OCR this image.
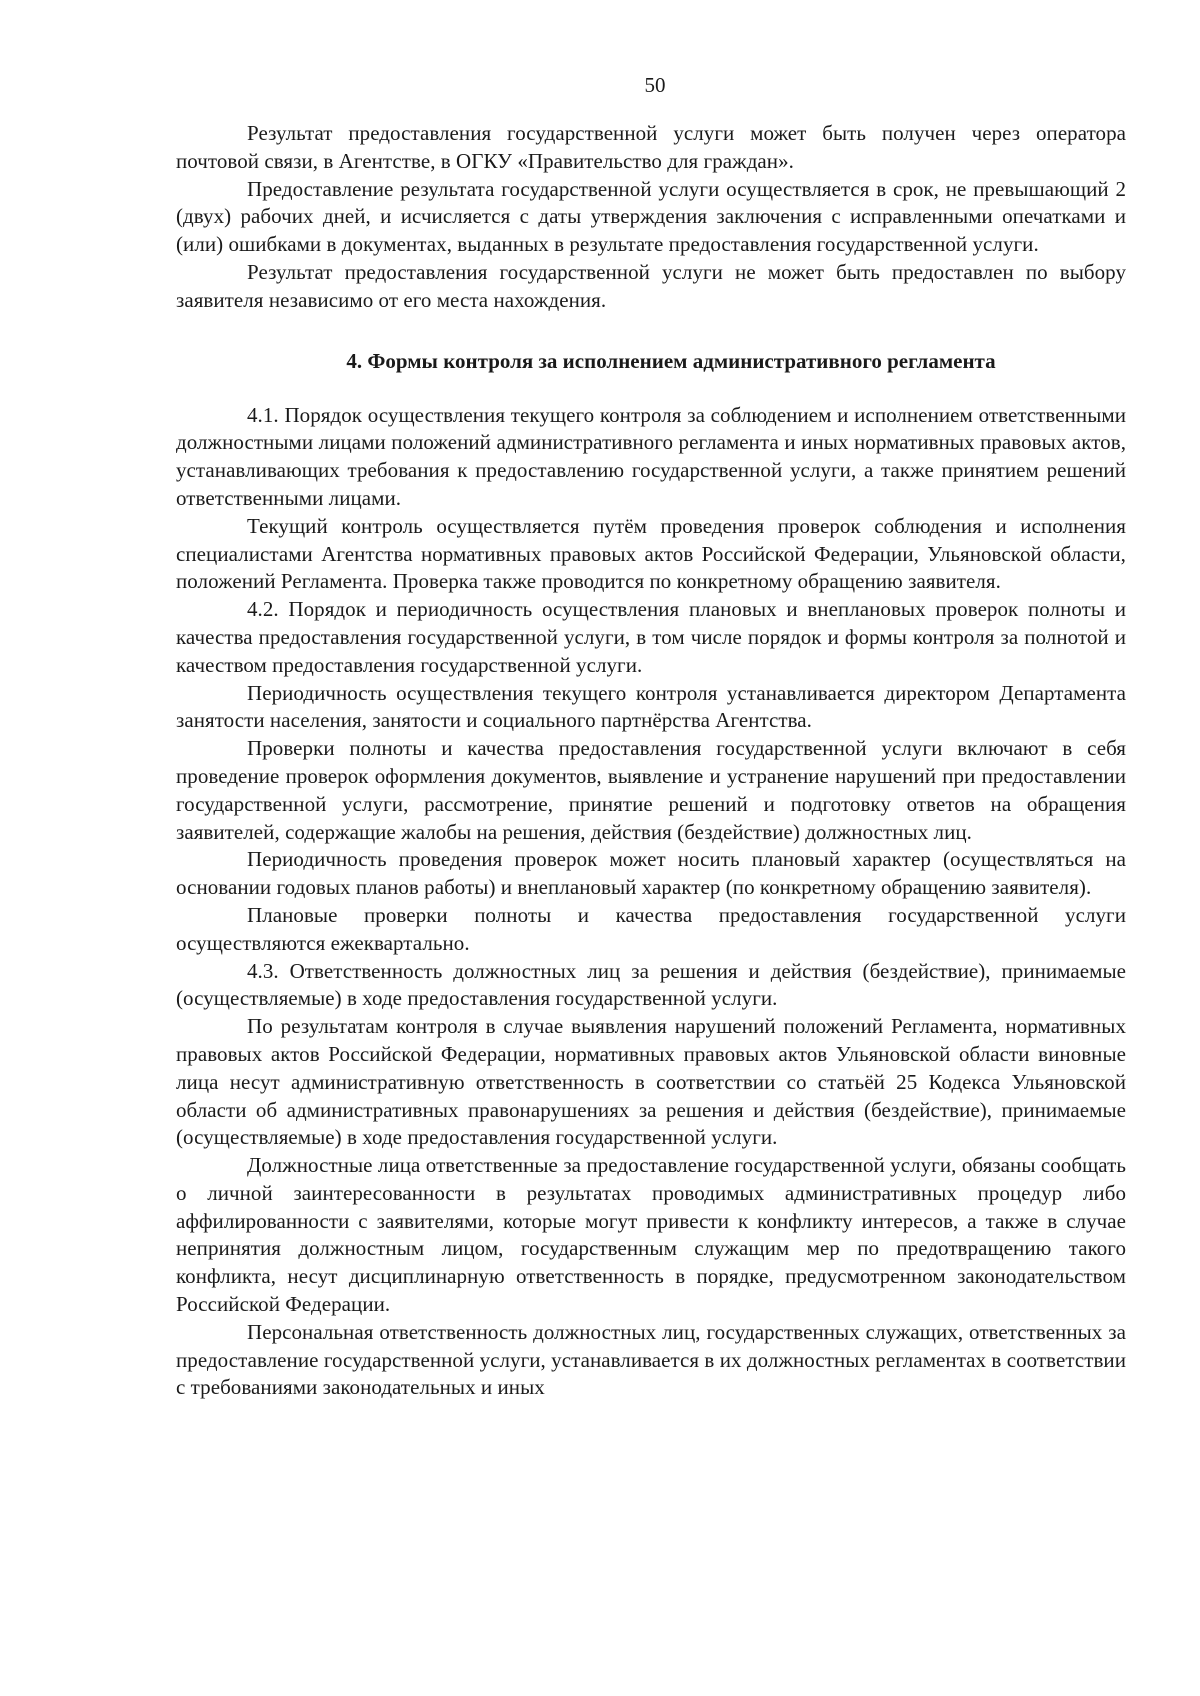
50

Результат предоставления государственной услуги может быть получен через оператора почтовой связи, в Агентстве, в ОГКУ «Правительство для граждан».

Предоставление результата государственной услуги осуществляется в срок, не превышающий 2 (двух) рабочих дней, и исчисляется с даты утверждения заключения с исправленными опечатками и (или) ошибками в документах, выданных в результате предоставления государственной услуги.

Результат предоставления государственной услуги не может быть предоставлен по выбору заявителя независимо от его места нахождения.

4. Формы контроля за исполнением административного регламента

4.1. Порядок осуществления текущего контроля за соблюдением и исполнением ответственными должностными лицами положений административного регламента и иных нормативных правовых актов, устанавливающих требования к предоставлению государственной услуги, а также принятием решений ответственными лицами.

Текущий контроль осуществляется путём проведения проверок соблюдения и исполнения специалистами Агентства нормативных правовых актов Российской Федерации, Ульяновской области, положений Регламента. Проверка также проводится по конкретному обращению заявителя.

4.2. Порядок и периодичность осуществления плановых и внеплановых проверок полноты и качества предоставления государственной услуги, в том числе порядок и формы контроля за полнотой и качеством предоставления государственной услуги.

Периодичность осуществления текущего контроля устанавливается директором Департамента занятости населения, занятости и социального партнёрства Агентства.

Проверки полноты и качества предоставления государственной услуги включают в себя проведение проверок оформления документов, выявление и устранение нарушений при предоставлении государственной услуги, рассмотрение, принятие решений и подготовку ответов на обращения заявителей, содержащие жалобы на решения, действия (бездействие) должностных лиц.

Периодичность проведения проверок может носить плановый характер (осуществляться на основании годовых планов работы) и внеплановый характер (по конкретному обращению заявителя).

Плановые проверки полноты и качества предоставления государственной услуги осуществляются ежеквартально.

4.3. Ответственность должностных лиц за решения и действия (бездействие), принимаемые (осуществляемые) в ходе предоставления государственной услуги.

По результатам контроля в случае выявления нарушений положений Регламента, нормативных правовых актов Российской Федерации, нормативных правовых актов Ульяновской области виновные лица несут административную ответственность в соответствии со статьёй 25 Кодекса Ульяновской области об административных правонарушениях за решения и действия (бездействие), принимаемые (осуществляемые) в ходе предоставления государственной услуги.

Должностные лица ответственные за предоставление государственной услуги, обязаны сообщать о личной заинтересованности в результатах проводимых административных процедур либо аффилированности с заявителями, которые могут привести к конфликту интересов, а также в случае непринятия должностным лицом, государственным служащим мер по предотвращению такого конфликта, несут дисциплинарную ответственность в порядке, предусмотренном законодательством Российской Федерации.

Персональная ответственность должностных лиц, государственных служащих, ответственных за предоставление государственной услуги, устанавливается в их должностных регламентах в соответствии с требованиями законодательных и иных
